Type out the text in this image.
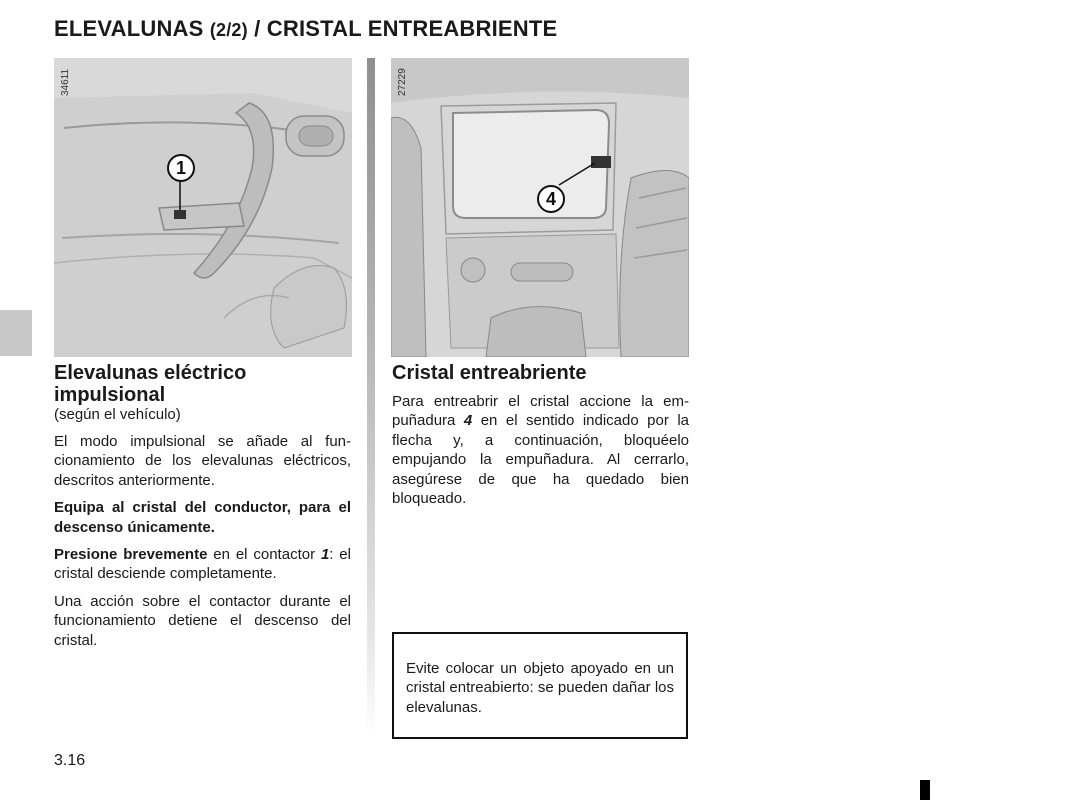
ELEVALUNAS (2/2) / CRISTAL ENTREABRIENTE
34611
1
27229
4
Elevalunas eléctrico impulsional

(según el vehículo)

El modo impulsional se añade al funcionamiento de los elevalunas eléctricos, descritos anteriormente.

Equipa al cristal del conductor, para el descenso únicamente.

Presione brevemente en el contactor 1: el cristal desciende completamente.

Una acción sobre el contactor durante el funcionamiento detiene el descenso del cristal.

Cristal entreabriente

Para entreabrir el cristal accione la empuñadura 4 en el sentido indicado por la flecha y, a continuación, bloquéelo empujando la empuñadura. Al cerrarlo, asegúrese de que ha quedado bien bloqueado.

Evite colocar un objeto apoyado en un cristal entreabierto: se pueden dañar los elevalunas.

3.16
